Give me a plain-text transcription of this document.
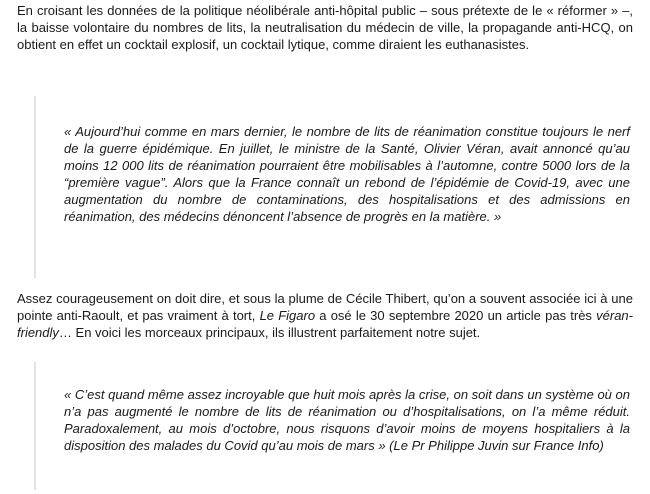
En croisant les données de la politique néolibérale anti-hôpital public – sous prétexte de le « réformer » –, la baisse volontaire du nombres de lits, la neutralisation du médecin de ville, la propagande anti-HCQ, on obtient en effet un cocktail explosif, un cocktail lytique, comme diraient les euthanasistes.

« Aujourd’hui comme en mars dernier, le nombre de lits de réanimation constitue toujours le nerf de la guerre épidémique. En juillet, le ministre de la Santé, Olivier Véran, avait annoncé qu’au moins 12 000 lits de réanimation pourraient être mobilisables à l’automne, contre 5000 lors de la “première vague”. Alors que la France connaît un rebond de l’épidémie de Covid-19, avec une augmentation du nombre de contaminations, des hospitalisations et des admissions en réanimation, des médecins dénoncent l’absence de progrès en la matière. »

Assez courageusement on doit dire, et sous la plume de Cécile Thibert, qu’on a souvent associée ici à une pointe anti-Raoult, et pas vraiment à tort, Le Figaro a osé le 30 septembre 2020 un article pas très véran-friendly… En voici les morceaux principaux, ils illustrent parfaitement notre sujet.

« C’est quand même assez incroyable que huit mois après la crise, on soit dans un système où on n’a pas augmenté le nombre de lits de réanimation ou d’hospitalisations, on l’a même réduit. Paradoxalement, au mois d’octobre, nous risquons d’avoir moins de moyens hospitaliers à la disposition des malades du Covid qu’au mois de mars » (Le Pr Philippe Juvin sur France Info)
